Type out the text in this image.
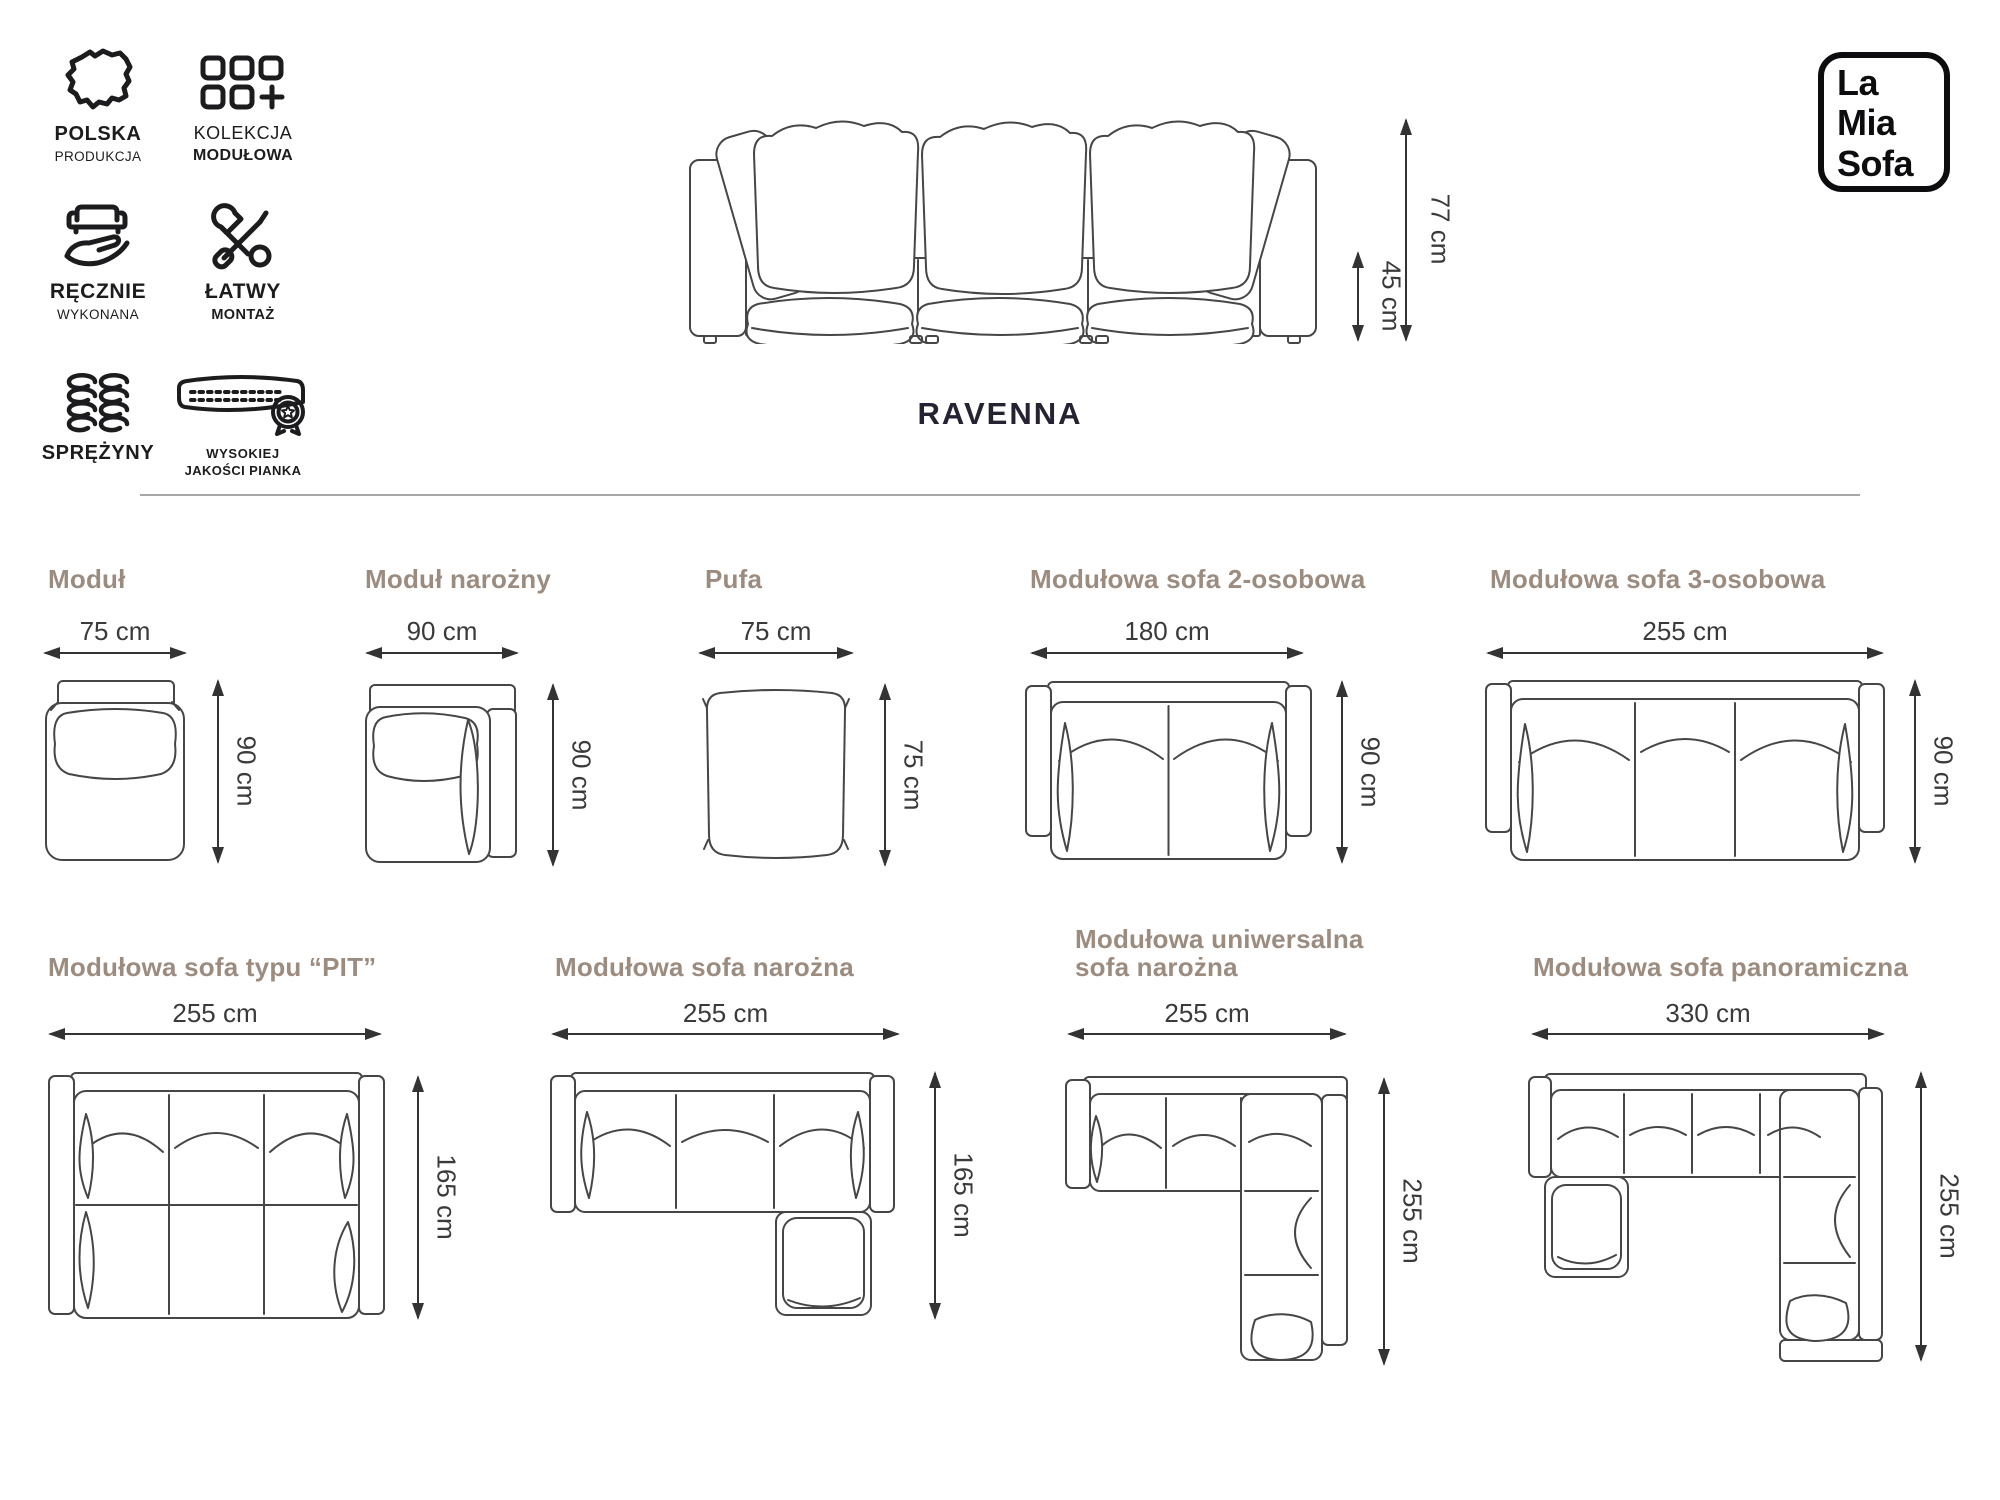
POLSKA
PRODUKCJA
KOLEKCJA
MODUŁOWA
RĘCZNIE
WYKONANA
ŁATWY
MONTAŻ
SPRĘŻYNY	WYSOKIEJ
JAKOŚCI PIANKA
La
Mia
Sofa
77 cm
45 cm
RAVENNA
Moduł
75 cm
90 cm
Moduł narożny
90 cm
90 cm
Pufa
75 cm
75 cm
Modułowa sofa 2-osobowa
180 cm
90 cm
Modułowa sofa 3-osobowa
255 cm
90 cm
Modułowa sofa typu “PIT”
255 cm
165 cm
Modułowa sofa narożna
255 cm
165 cm
Modułowa uniwersalna
sofa narożna
255 cm
255 cm
Modułowa sofa panoramiczna
330 cm
255 cm
